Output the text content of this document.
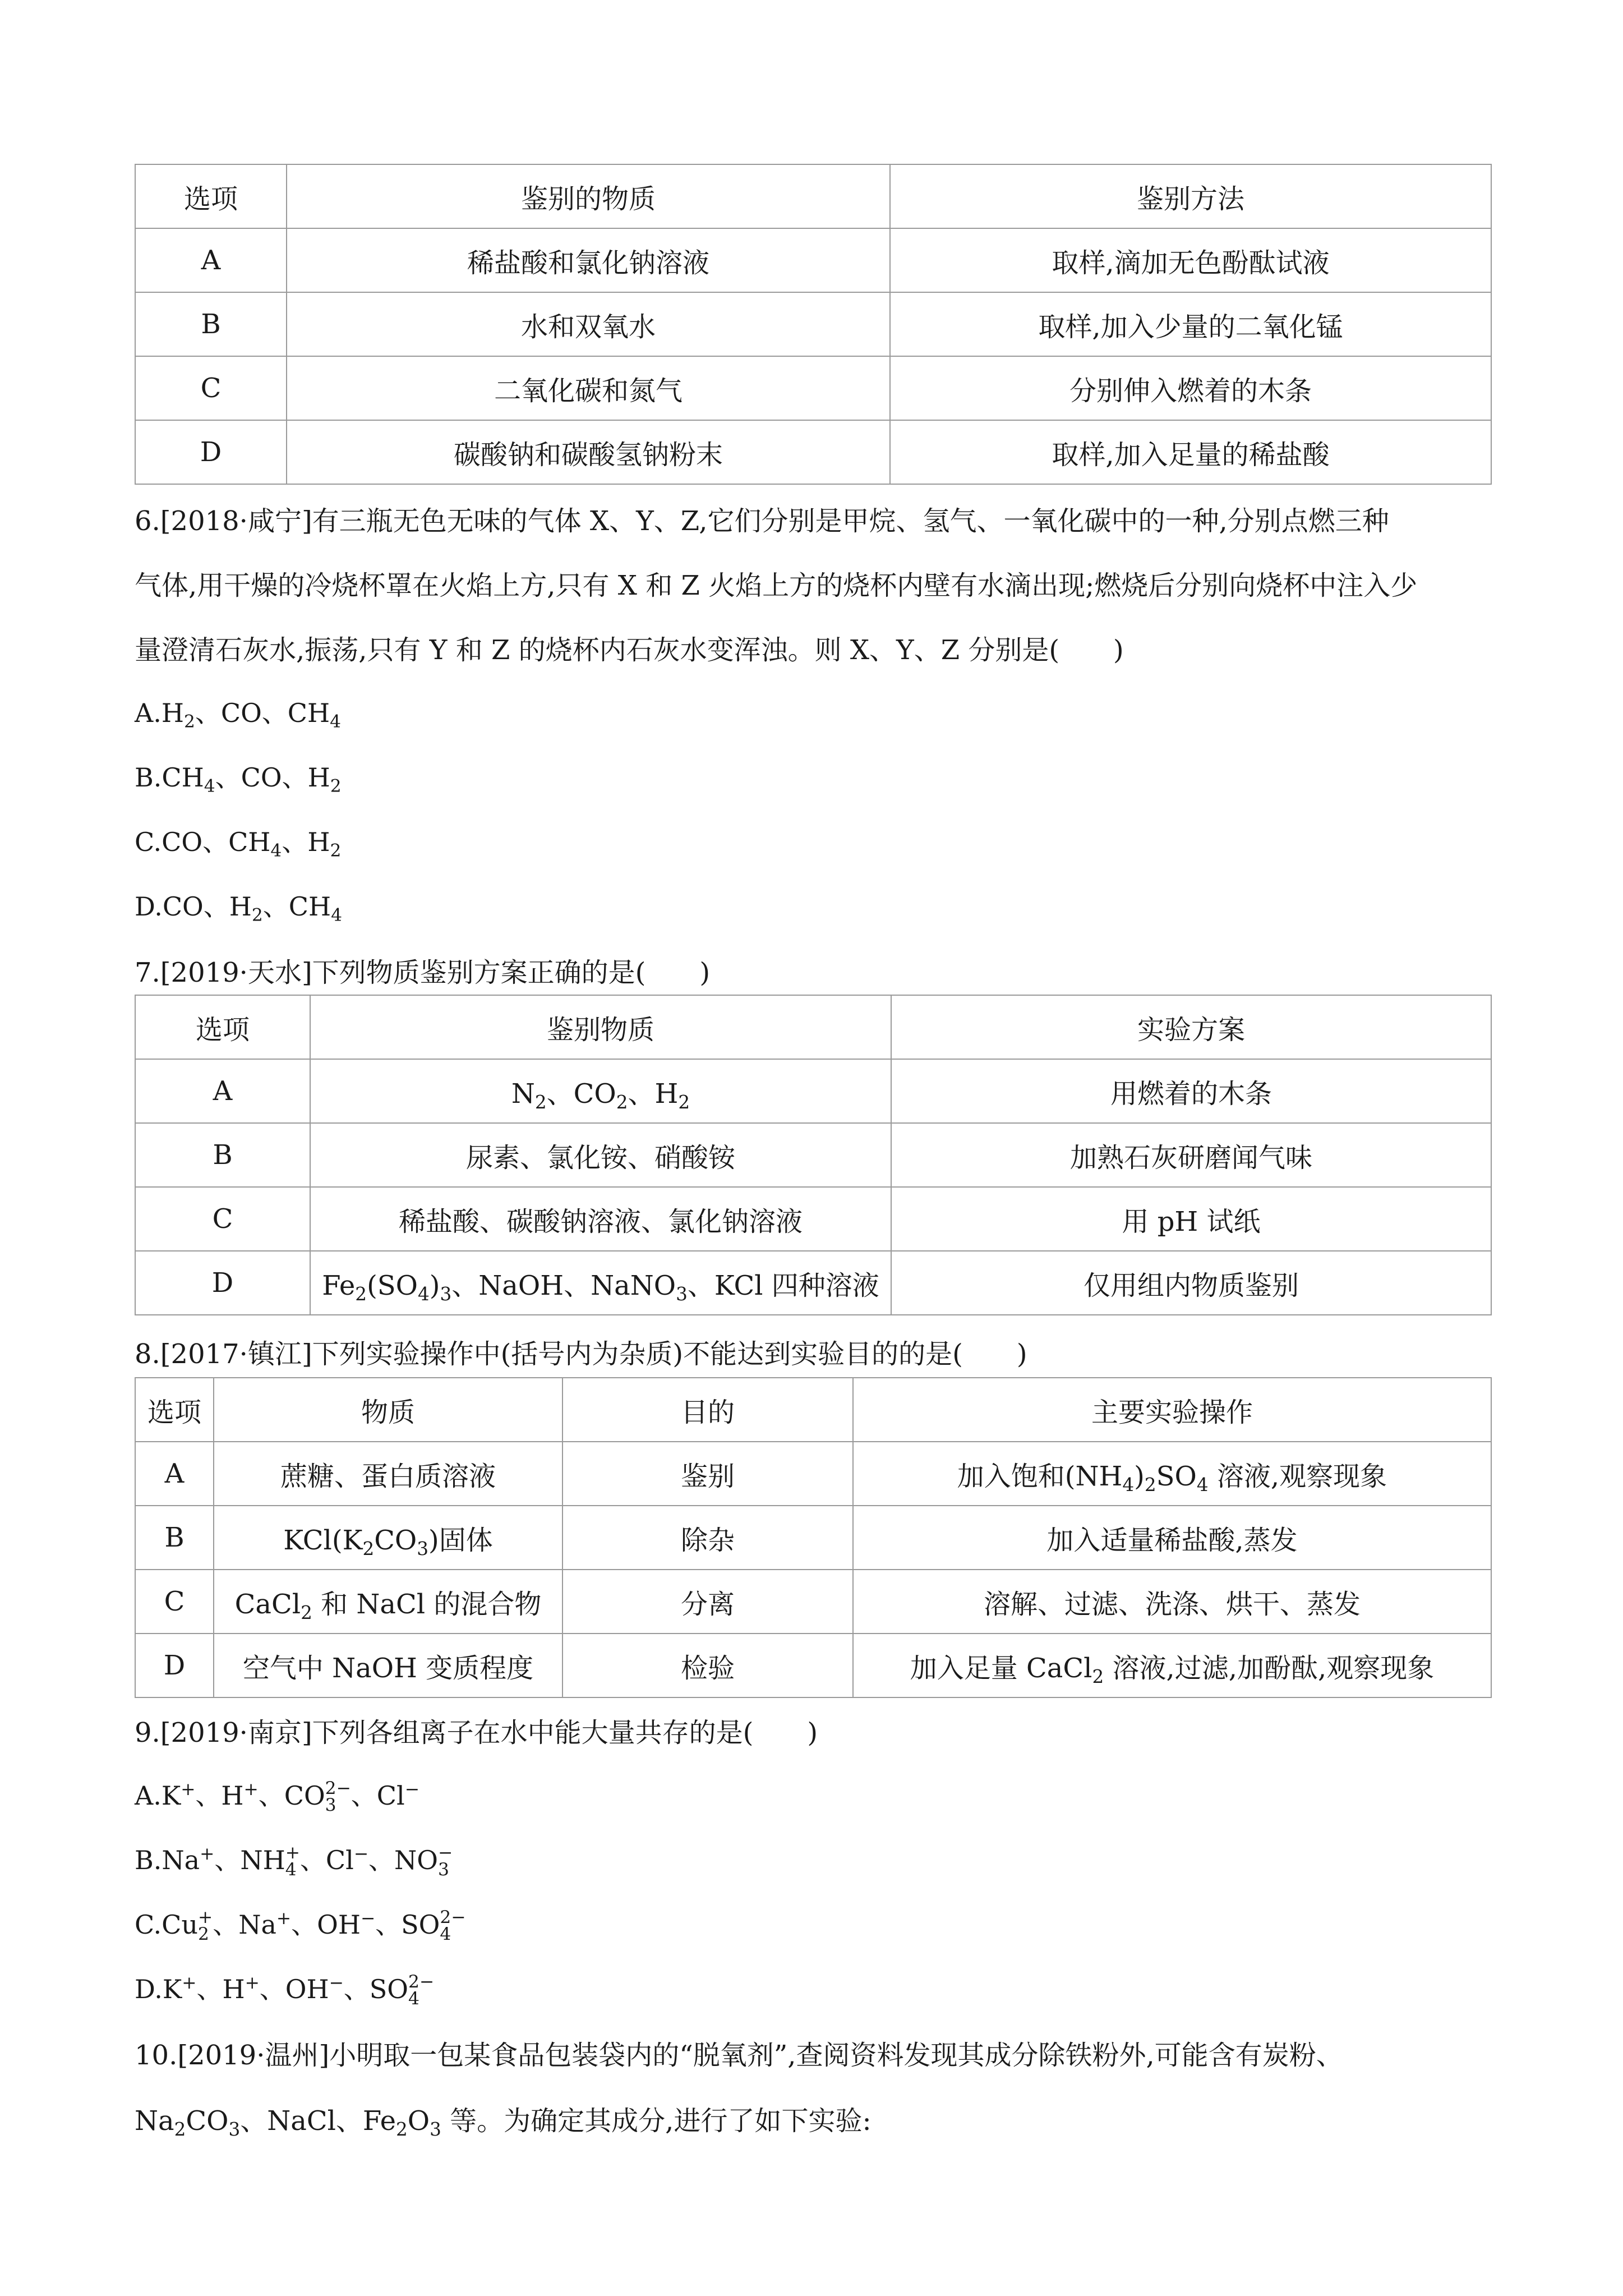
选项	鉴别的物质	鉴别方法
A	稀盐酸和氯化钠溶液	取样,滴加无色酚酞试液
B	水和双氧水	取样,加入少量的二氧化锰
C	二氧化碳和氮气	分别伸入燃着的木条
D	碳酸钠和碳酸氢钠粉末	取样,加入足量的稀盐酸
6.[2018·咸宁]有三瓶无色无味的气体 X、Y、Z,它们分别是甲烷、氢气、一氧化碳中的一种,分别点燃三种
气体,用干燥的冷烧杯罩在火焰上方,只有 X 和 Z 火焰上方的烧杯内壁有水滴出现;燃烧后分别向烧杯中注入少
量澄清石灰水,振荡,只有 Y 和 Z 的烧杯内石灰水变浑浊。则 X、Y、Z 分别是(　　)
$A.H_2$、CO、$CH_4$
$B.CH_4$、CO、$H_2$
C.CO、$CH_4$、$H_2$
D.CO、$H_2$、$CH_4$
7.[2019·天水]下列物质鉴别方案正确的是(　　)
选项	鉴别物质	实验方案
A	$N_2$、$CO_2$、$H_2$	用燃着的木条
B	尿素、氯化铵、硝酸铵	加熟石灰研磨闻气味
C	稀盐酸、碳酸钠溶液、氯化钠溶液	用 pH 试纸
D	$Fe_2(SO_4)_3$、NaOH、NaNO$_3$、KCl 四种溶液	仅用组内物质鉴别
8.[2017·镇江]下列实验操作中(括号内为杂质)不能达到实验目的的是(　　)
选项	物质	目的	主要实验操作
A	蔗糖、蛋白质溶液	鉴别	加入饱和$(NH_4)_2SO_4$ 溶液,观察现象
B	$KCl(K_2CO_3)$固体	除杂	加入适量稀盐酸,蒸发
C	CaCl$_2$ 和 NaCl 的混合物	分离	溶解、过滤、洗涤、烘干、蒸发
D	空气中 NaOH 变质程度	检验	加入足量 CaCl$_2$ 溶液,过滤,加酚酞,观察现象
9.[2019·南京]下列各组离子在水中能大量共存的是(　　)
A.K+、H+、CO 2−
3 、Cl−
B.Na+、NH +
4 、Cl−、NO −
3
C.Cu +
2 、Na+、OH−、SO 2−
4
D.K+、H+、OH−、SO 2−
4
10.[2019·温州]小明取一包某食品包装袋内的“脱氧剂”,查阅资料发现其成分除铁粉外,可能含有炭粉、
$Na_2CO_3$、NaCl、$Fe_2O_3$ 等。为确定其成分,进行了如下实验:
